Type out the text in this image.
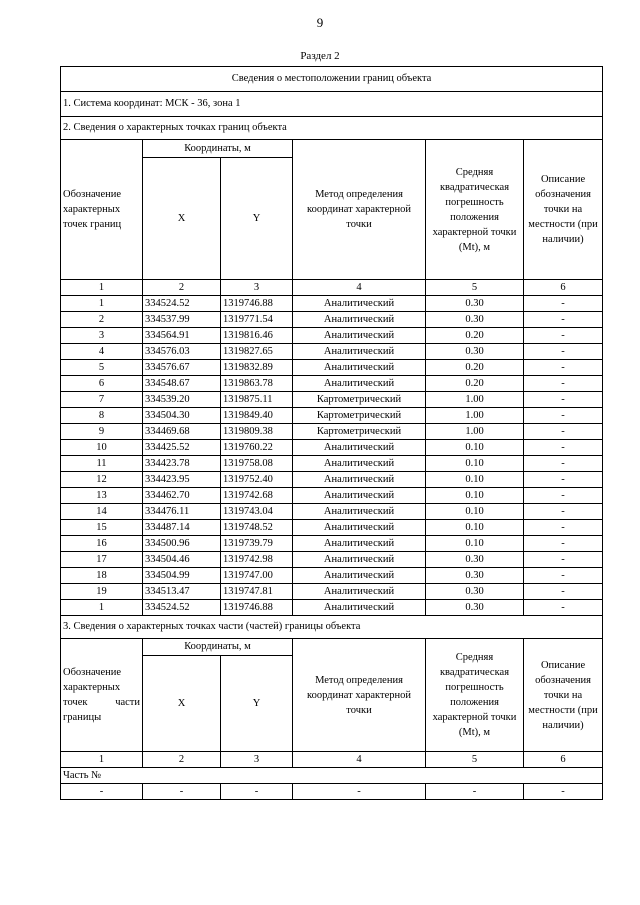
9
Раздел 2
Сведения о местоположении границ объекта					
1. Система координат: МСК - 36, зона 1					
2. Сведения о характерных точках границ объекта					
Обозначение характерных точек границ	Координаты, м		Метод определения координат характерной точки	Средняя квадратическая погрешность положения характерной точки (Mt), м	Описание обозначения точки на местности (при наличии)
	X	Y			
1	2	3	4	5	6
1	334524.52	1319746.88	Аналитический	0.30	-
2	334537.99	1319771.54	Аналитический	0.30	-
3	334564.91	1319816.46	Аналитический	0.20	-
4	334576.03	1319827.65	Аналитический	0.30	-
5	334576.67	1319832.89	Аналитический	0.20	-
6	334548.67	1319863.78	Аналитический	0.20	-
7	334539.20	1319875.11	Картометрический	1.00	-
8	334504.30	1319849.40	Картометрический	1.00	-
9	334469.68	1319809.38	Картометрический	1.00	-
10	334425.52	1319760.22	Аналитический	0.10	-
11	334423.78	1319758.08	Аналитический	0.10	-
12	334423.95	1319752.40	Аналитический	0.10	-
13	334462.70	1319742.68	Аналитический	0.10	-
14	334476.11	1319743.04	Аналитический	0.10	-
15	334487.14	1319748.52	Аналитический	0.10	-
16	334500.96	1319739.79	Аналитический	0.10	-
17	334504.46	1319742.98	Аналитический	0.30	-
18	334504.99	1319747.00	Аналитический	0.30	-
19	334513.47	1319747.81	Аналитический	0.30	-
1	334524.52	1319746.88	Аналитический	0.30	-
3. Сведения о характерных точках части (частей) границы объекта					
Обозначение характерных точек части границы	Координаты, м		Метод определения координат характерной точки	Средняя квадратическая погрешность положения характерной точки (Mt), м	Описание обозначения точки на местности (при наличии)
	X	Y			
1	2	3	4	5	6
Часть №					
-	-	-	-	-	-
